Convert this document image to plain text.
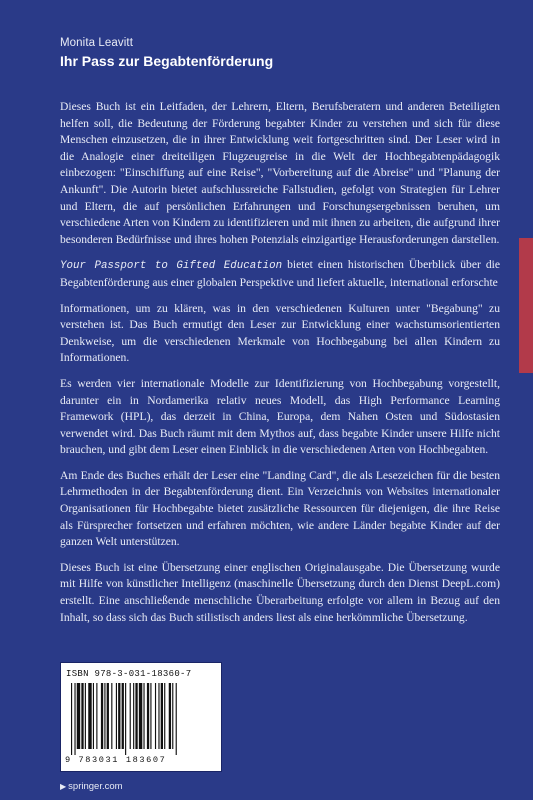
Monita Leavitt
Ihr Pass zur Begabtenförderung

Dieses Buch ist ein Leitfaden, der Lehrern, Eltern, Berufsberatern und anderen Beteiligten helfen soll, die Bedeutung der Förderung begabter Kinder zu verstehen und sich für diese Menschen einzusetzen, die in ihrer Entwicklung weit fortgeschritten sind. Der Leser wird in die Analogie einer dreiteiligen Flugzeugreise in die Welt der Hochbegabtenpädagogik einbezogen: "Einschiffung auf eine Reise", "Vorbereitung auf die Abreise" und "Planung der Ankunft". Die Autorin bietet aufschlussreiche Fallstudien, gefolgt von Strategien für Lehrer und Eltern, die auf persönlichen Erfahrungen und Forschungsergebnissen beruhen, um verschiedene Arten von Kindern zu identifizieren und mit ihnen zu arbeiten, die aufgrund ihrer besonderen Bedürfnisse und ihres hohen Potenzials einzigartige Herausforderungen darstellen.

Your Passport to Gifted Education bietet einen historischen Überblick über die Begabtenförderung aus einer globalen Perspektive und liefert aktuelle, international erforschte

Informationen, um zu klären, was in den verschiedenen Kulturen unter "Begabung" zu verstehen ist. Das Buch ermutigt den Leser zur Entwicklung einer wachstumsorientierten Denkweise, um die verschiedenen Merkmale von Hochbegabung bei allen Kindern zu Informationen.

Es werden vier internationale Modelle zur Identifizierung von Hochbegabung vorgestellt, darunter ein in Nordamerika relativ neues Modell, das High Performance Learning Framework (HPL), das derzeit in China, Europa, dem Nahen Osten und Südostasien verwendet wird. Das Buch räumt mit dem Mythos auf, dass begabte Kinder unsere Hilfe nicht brauchen, und gibt dem Leser einen Einblick in die verschiedenen Arten von Hochbegabten.

Am Ende des Buches erhält der Leser eine "Landing Card", die als Lesezeichen für die besten Lehrmethoden in der Begabtenförderung dient. Ein Verzeichnis von Websites internationaler Organisationen für Hochbegabte bietet zusätzliche Ressourcen für diejenigen, die ihre Reise als Fürsprecher fortsetzen und erfahren möchten, wie andere Länder begabte Kinder auf der ganzen Welt unterstützen.

Dieses Buch ist eine Übersetzung einer englischen Originalausgabe. Die Übersetzung wurde mit Hilfe von künstlicher Intelligenz (maschinelle Übersetzung durch den Dienst DeepL.com) erstellt. Eine anschließende menschliche Überarbeitung erfolgte vor allem in Bezug auf den Inhalt, so dass sich das Buch stilistisch anders liest als eine herkömmliche Übersetzung.

ISBN 978-3-031-18360-7
9 783031 183607
▶ springer.com
